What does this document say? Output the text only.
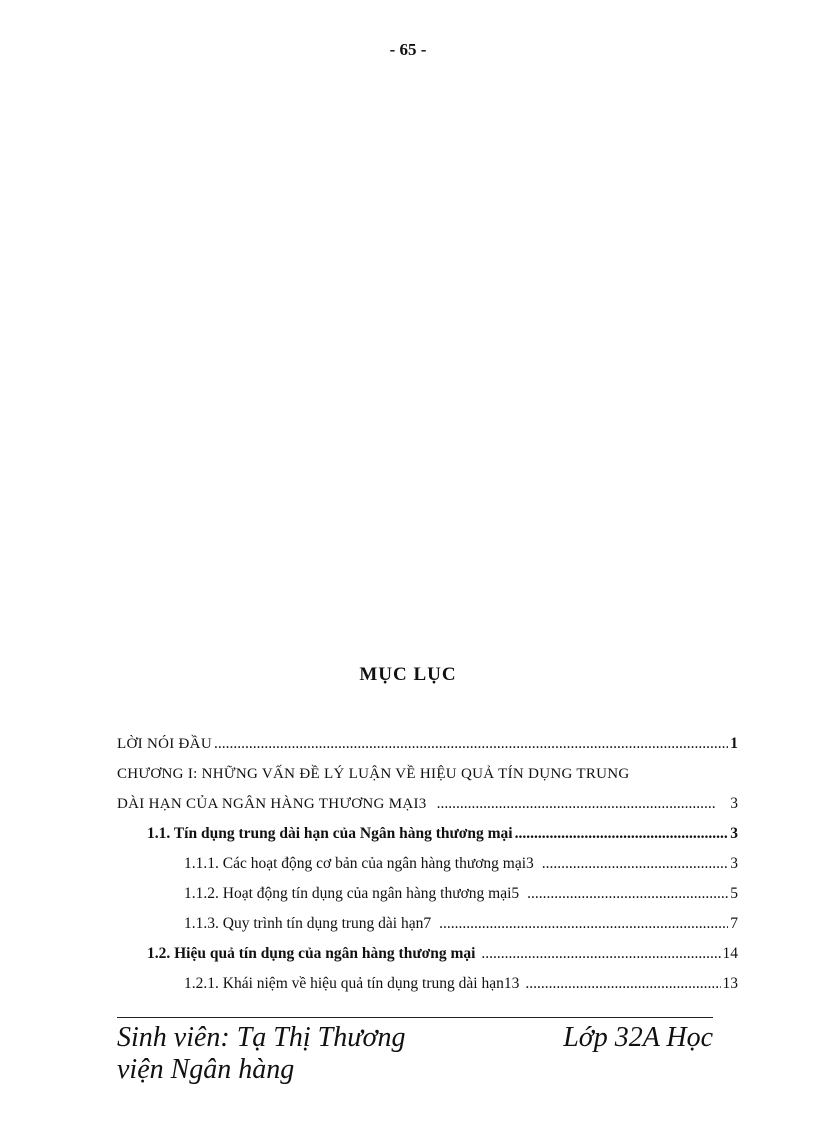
- 65 -
MỤC LỤC
LỜI NÓI ĐẦU .....	1
CHƯƠNG I: NHỮNG VẤN ĐỀ LÝ LUẬN VỀ HIỆU QUẢ TÍN DỤNG TRUNG
DÀI HẠN CỦA NGÂN HÀNG THƯƠNG MẠI3 .....	3
1.1. Tín dụng trung dài hạn của Ngân hàng thương mại .....	3
1.1.1. Các hoạt động cơ bản của ngân hàng thương mại3 .....	3
1.1.2. Hoạt động tín dụng của ngân hàng thương mại5 .....	5
1.1.3. Quy trình tín dụng trung dài hạn7 .....	7
1.2. Hiệu quả tín dụng của ngân hàng thương mại .....	14
1.2.1. Khái niệm về hiệu quả tín dụng trung dài hạn13 .....	13
Sinh viên: Tạ Thị Thương	Lớp 32A Học
viện Ngân hàng
